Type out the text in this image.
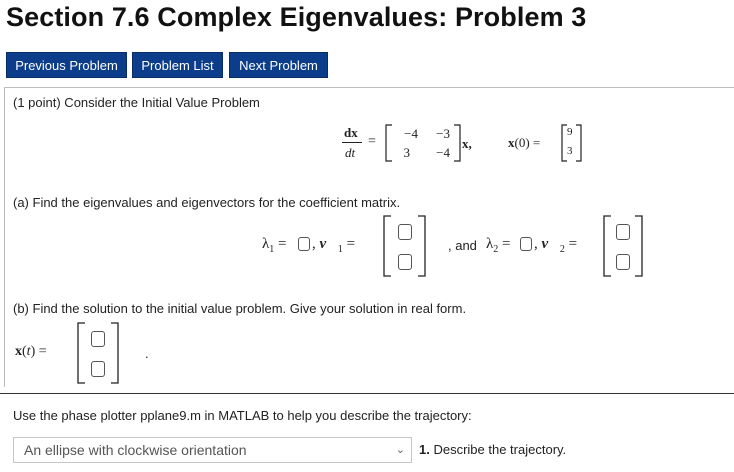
Section 7.6 Complex Eigenvalues: Problem 3
Previous Problem	Problem List	Next Problem
(1 point) Consider the Initial Value Problem
dx
dt
=
−4	−3
3	−4
x,	x(0) =
9
3
(a) Find the eigenvalues and eigenvectors for the coefficient matrix.
$\lambda_1$ = , $v⃗_1$ =	, and $\lambda_2$ = , $v⃗_2$ =
(b) Find the solution to the initial value problem. Give your solution in real form.
x(t) =	.
Use the phase plotter pplane9.m in MATLAB to help you describe the trajectory:
An ellipse with clockwise orientation	⌄ 1. Describe the trajectory.
